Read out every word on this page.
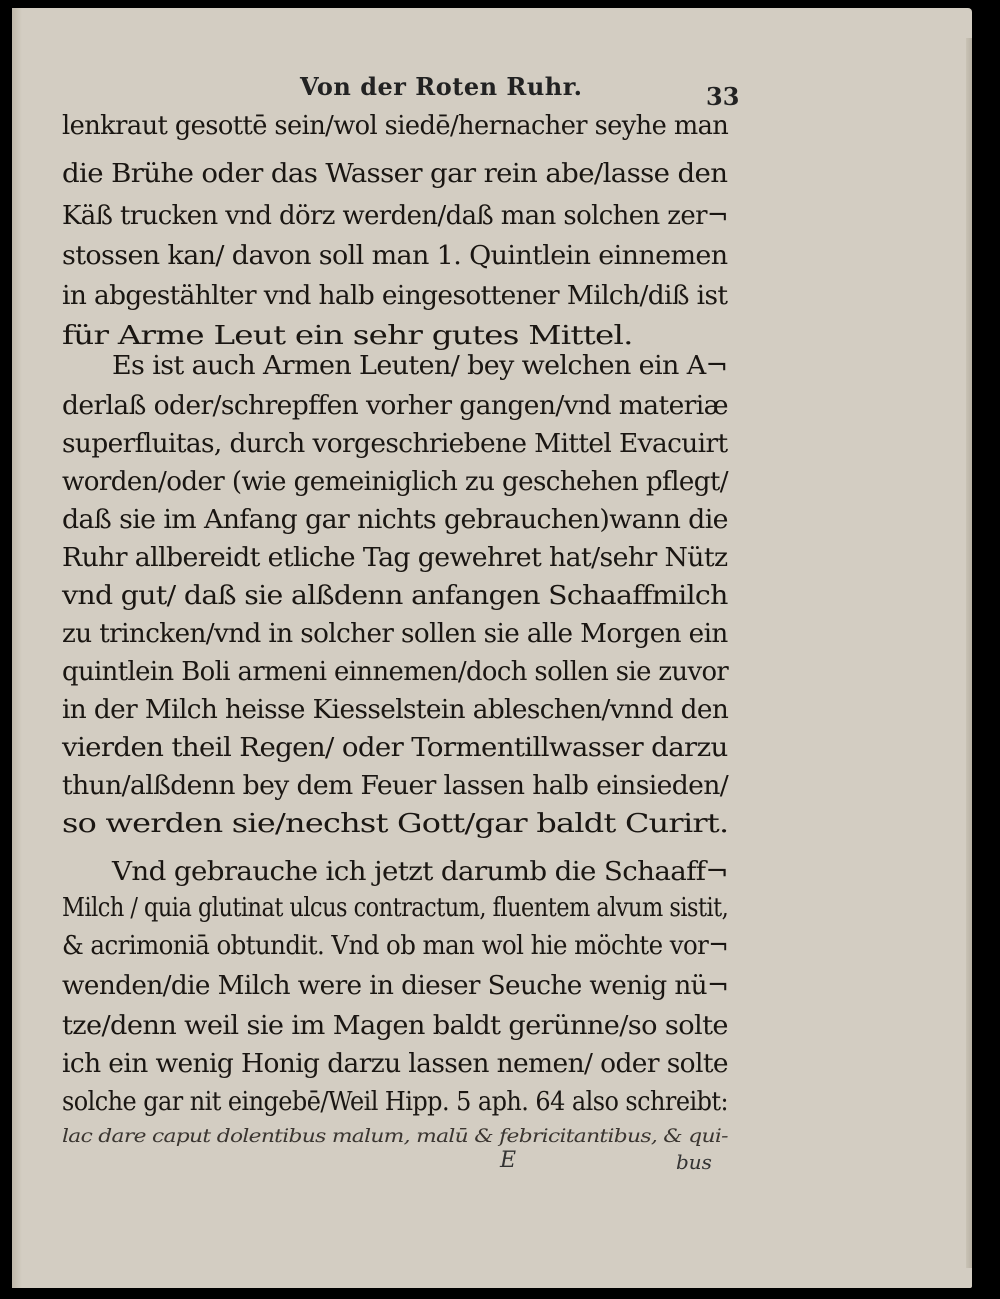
Von der Roten Ruhr.	33
lenkraut gesottē sein/wol siedē/hernacher seyhe man
die Brühe oder das Wasser gar rein abe/lasse den
Käß trucken vnd dörz werden/daß man solchen zer¬
stossen kan/ davon soll man 1. Quintlein einnemen
in abgestählter vnd halb eingesottener Milch/diß ist
für Arme Leut ein sehr gutes Mittel.
Es ist auch Armen Leuten/ bey welchen ein A¬
derlaß oder/schrepffen vorher gangen/vnd materiæ
superfluitas, durch vorgeschriebene Mittel Evacuirt
worden/oder (wie gemeiniglich zu geschehen pflegt/
daß sie im Anfang gar nichts gebrauchen)wann die
Ruhr allbereidt etliche Tag gewehret hat/sehr Nütz
vnd gut/ daß sie alßdenn anfangen Schaaffmilch
zu trincken/vnd in solcher sollen sie alle Morgen ein
quintlein Boli armeni einnemen/doch sollen sie zuvor
in der Milch heisse Kiesselstein ableschen/vnnd den
vierden theil Regen/ oder Tormentillwasser darzu
thun/alßdenn bey dem Feuer lassen halb einsieden/
so werden sie/nechst Gott/gar baldt Curirt.
Vnd gebrauche ich jetzt darumb die Schaaff¬
Milch / quia glutinat ulcus contractum, fluentem alvum sistit,
& acrimoniā obtundit. Vnd ob man wol hie möchte vor¬
wenden/die Milch were in dieser Seuche wenig nü¬
tze/denn weil sie im Magen baldt gerünne/so solte
ich ein wenig Honig darzu lassen nemen/ oder solte
solche gar nit eingebē/Weil Hipp. 5 aph. 64 also schreibt:
lac dare caput dolentibus malum, malū & febricitantibus, & qui-
E	bus
